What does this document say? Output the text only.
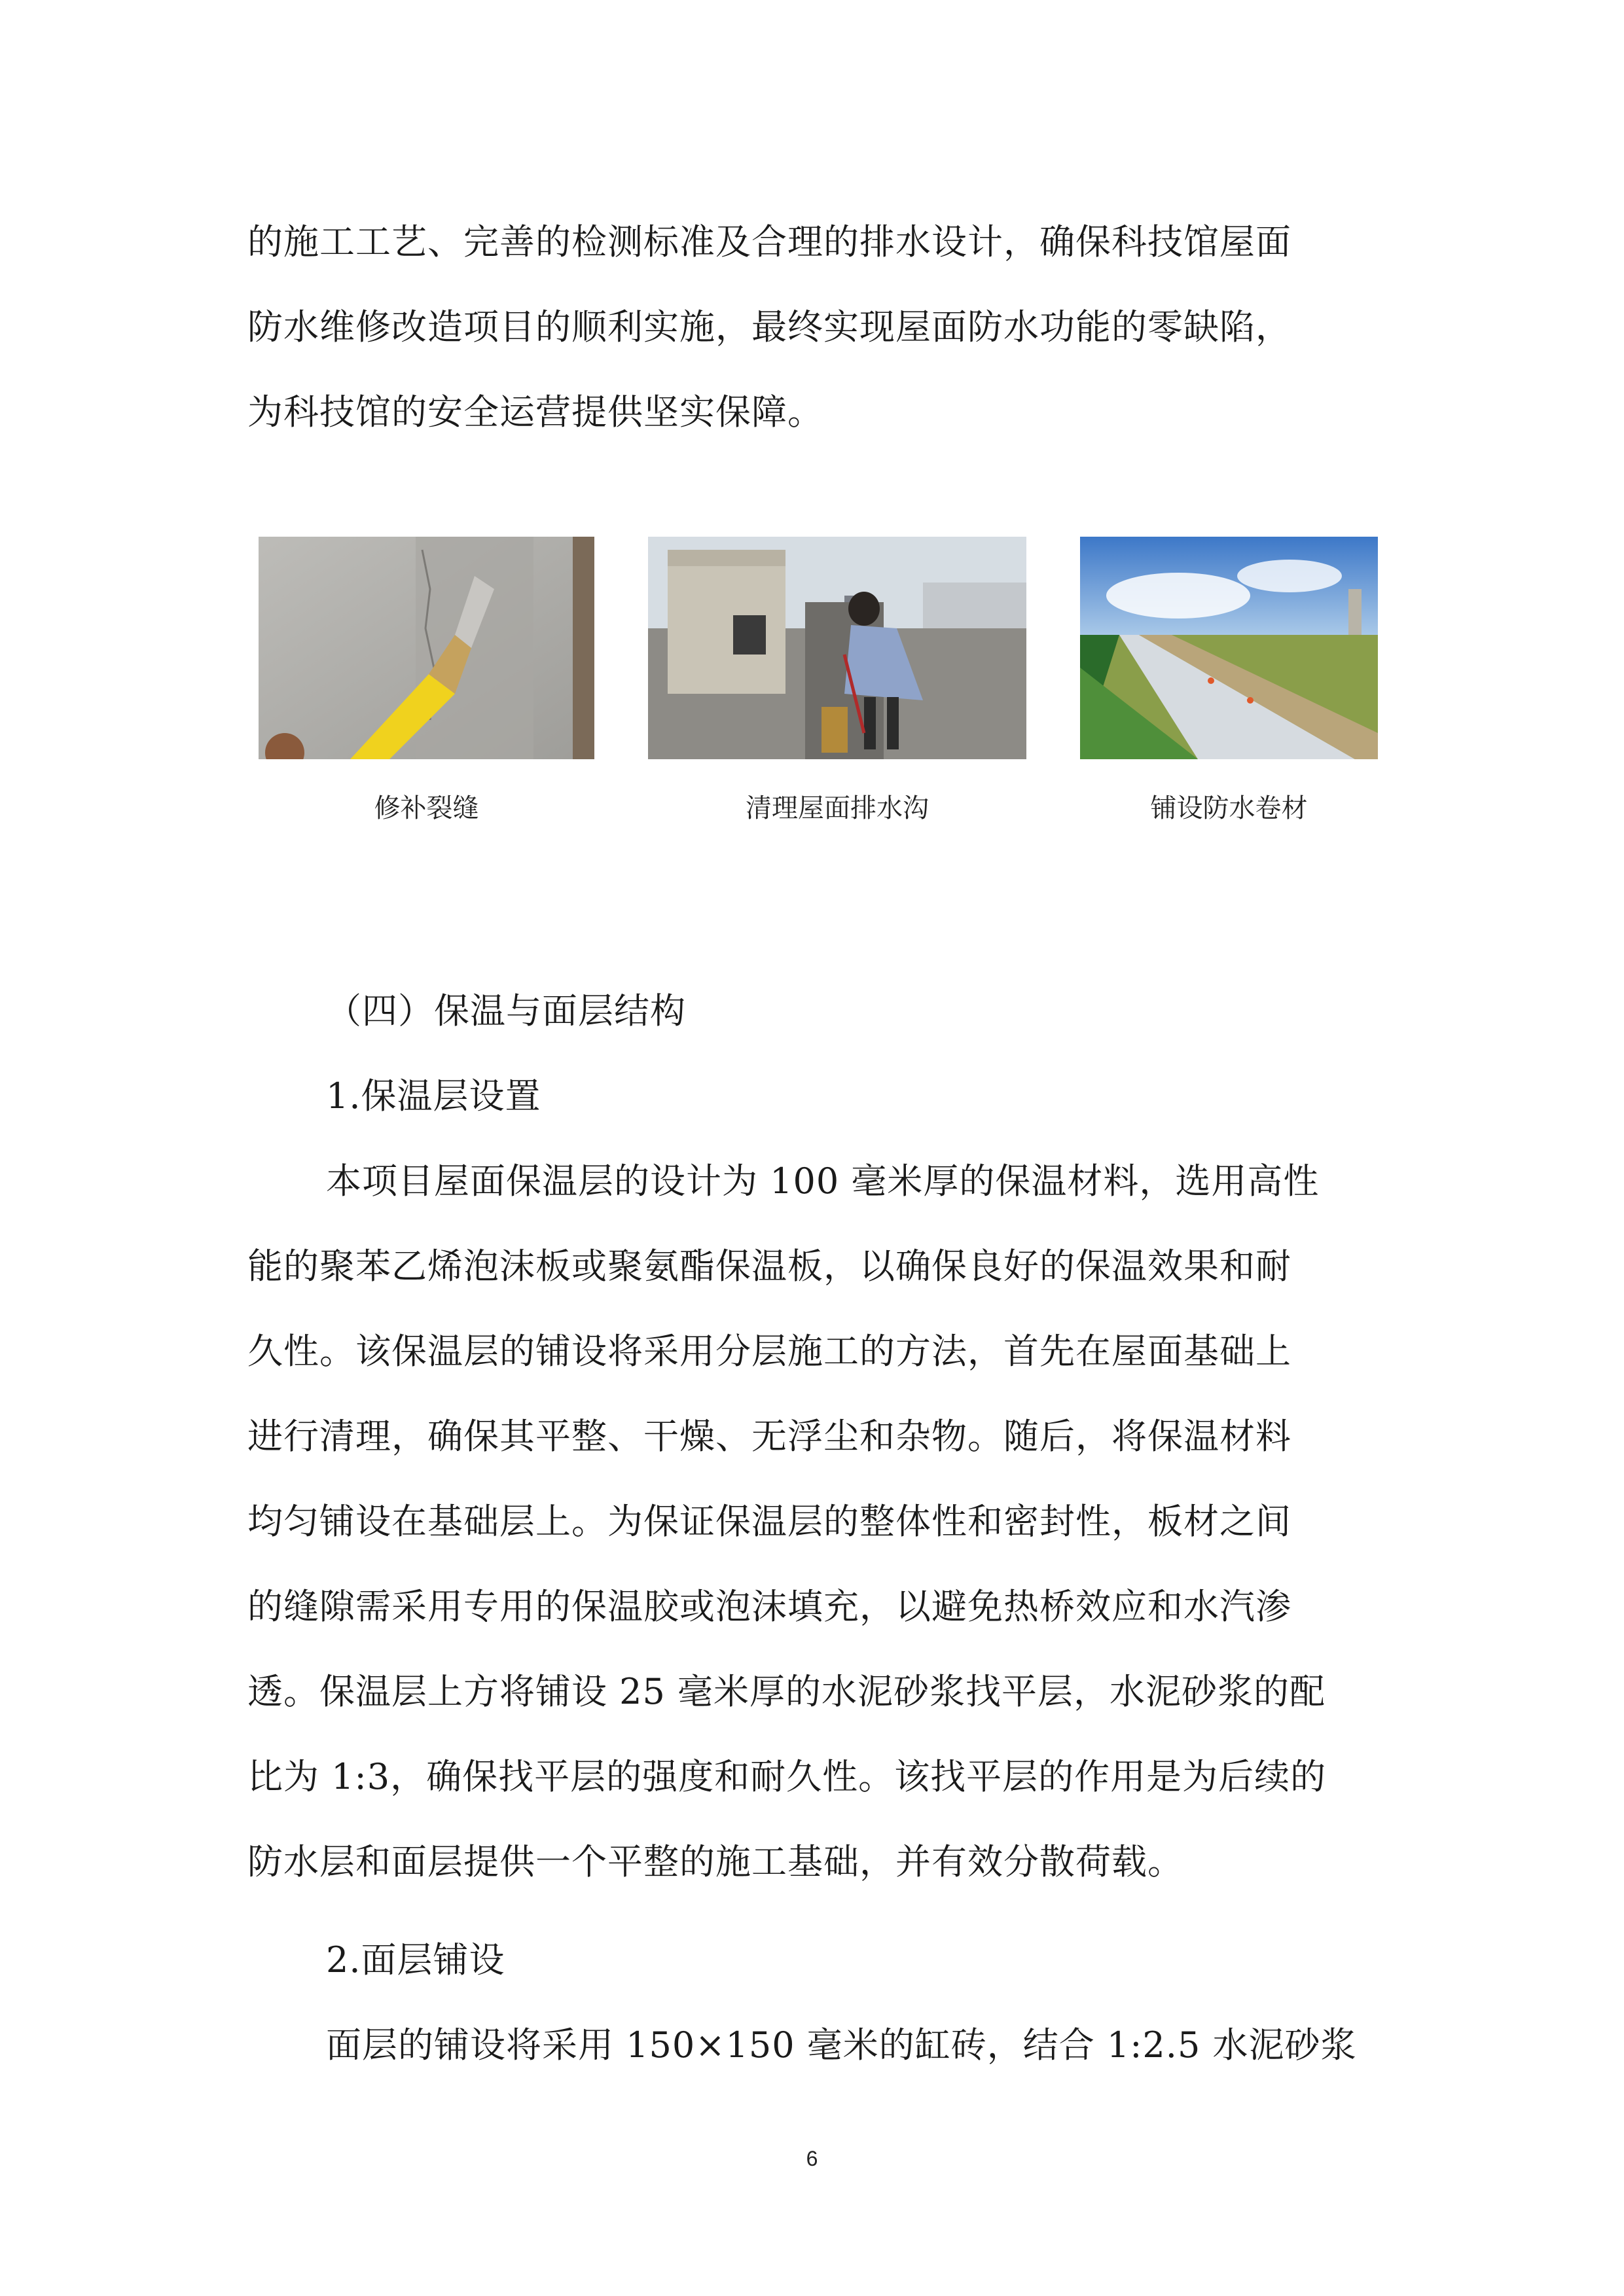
的施工工艺、完善的检测标准及合理的排水设计，确保科技馆屋面
防水维修改造项目的顺利实施，最终实现屋面防水功能的零缺陷，
为科技馆的安全运营提供坚实保障。
修补裂缝	清理屋面排水沟	铺设防水卷材
（四）保温与面层结构
1.保温层设置
本项目屋面保温层的设计为 100 毫米厚的保温材料，选用高性
能的聚苯乙烯泡沫板或聚氨酯保温板，以确保良好的保温效果和耐
久性。该保温层的铺设将采用分层施工的方法，首先在屋面基础上
进行清理，确保其平整、干燥、无浮尘和杂物。随后，将保温材料
均匀铺设在基础层上。为保证保温层的整体性和密封性，板材之间
的缝隙需采用专用的保温胶或泡沫填充，以避免热桥效应和水汽渗
透。保温层上方将铺设 25 毫米厚的水泥砂浆找平层，水泥砂浆的配
比为 1:3，确保找平层的强度和耐久性。该找平层的作用是为后续的
防水层和面层提供一个平整的施工基础，并有效分散荷载。
2.面层铺设
面层的铺设将采用 150×150 毫米的缸砖，结合 1:2.5 水泥砂浆
6
